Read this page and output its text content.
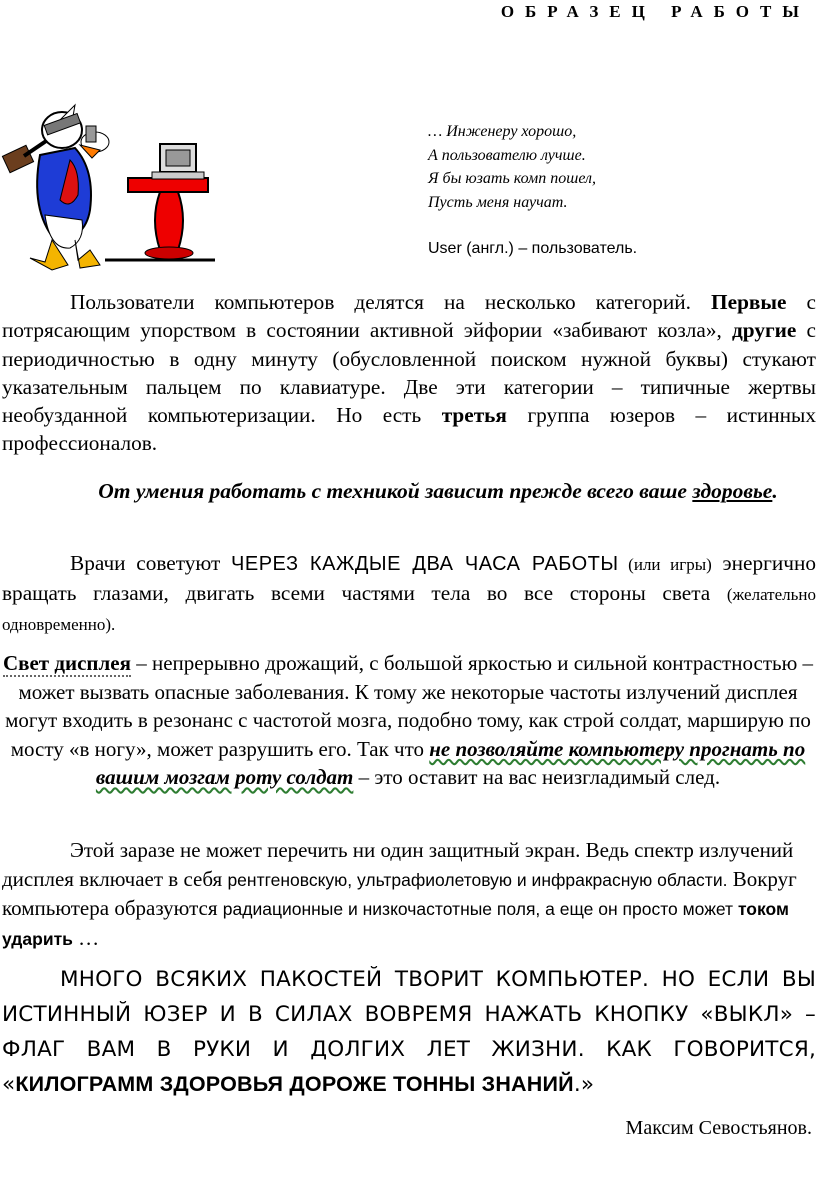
ОБРАЗЕЦ РАБОТЫ
… Инженеру хорошо,
А пользователю лучше.
Я бы юзать комп пошел,
Пусть меня научат.
User (англ.) – пользователь.
Пользователи компьютеров делятся на несколько категорий. Первые с потрясающим упорством в состоянии активной эйфории «забивают козла», другие с периодичностью в одну минуту (обусловленной поиском нужной буквы) стукают указательным пальцем по клавиатуре. Две эти категории – типичные жертвы необузданной компьютеризации. Но есть третья группа юзеров – истинных профессионалов.
От умения работать с техникой зависит прежде всего ваше здоровье.
Врачи советуют ЧЕРЕЗ КАЖДЫЕ ДВА ЧАСА РАБОТЫ (или игры) энергично вращать глазами, двигать всеми частями тела во все стороны света (желательно одновременно).
Свет дисплея – непрерывно дрожащий, с большой яркостью и сильной контрастностью – может вызвать опасные заболевания. К тому же некоторые частоты излучений дисплея могут входить в резонанс с частотой мозга, подобно тому, как строй солдат, марширую по мосту «в ногу», может разрушить его. Так что не позволяйте компьютеру прогнать по вашим мозгам роту солдат – это оставит на вас неизгладимый след.
Этой заразе не может перечить ни один защитный экран. Ведь спектр излучений дисплея включает в себя рентгеновскую, ультрафиолетовую и инфракрасную области. Вокруг компьютера образуются радиационные и низкочастотные поля, а еще он просто может током ударить …
МНОГО ВСЯКИХ ПАКОСТЕЙ ТВОРИТ КОМПЬЮТЕР. НО ЕСЛИ ВЫ ИСТИННЫЙ ЮЗЕР И В СИЛАХ ВОВРЕМЯ НАЖАТЬ КНОПКУ «ВЫКЛ» – ФЛАГ ВАМ В РУКИ И ДОЛГИХ ЛЕТ ЖИЗНИ. КАК ГОВОРИТСЯ, «КИЛОГРАММ ЗДОРОВЬЯ ДОРОЖЕ ТОННЫ ЗНАНИЙ.»
Максим Севостьянов.
